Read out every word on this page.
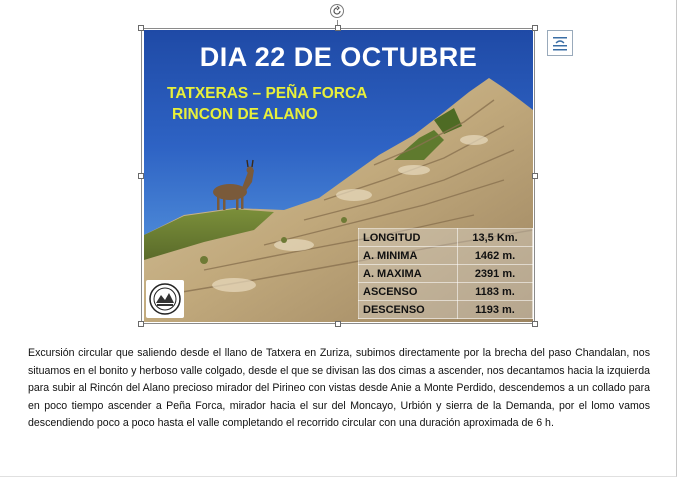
DIA 22 DE OCTUBRE
TATXERAS – PEÑA FORCA
RINCON DE ALANO
LONGITUD	13,5 Km.
A. MINIMA	1462 m.
A. MAXIMA	2391 m.
ASCENSO	1183 m.
DESCENSO	1193 m.

Excursión circular que saliendo desde el llano de Tatxera en Zuriza, subimos directamente por la brecha del paso Chandalan, nos situamos en el bonito y herboso valle colgado, desde el que se divisan las dos cimas a ascender, nos decantamos hacia la izquierda para subir al Rincón del Alano precioso mirador del Pirineo con vistas desde Anie a Monte Perdido, descendemos a un collado para en poco tiempo ascender a Peña Forca, mirador hacia el sur del Moncayo, Urbión y sierra de la Demanda, por el lomo vamos descendiendo poco a poco hasta el valle completando el recorrido circular con una duración aproximada de 6 h.
